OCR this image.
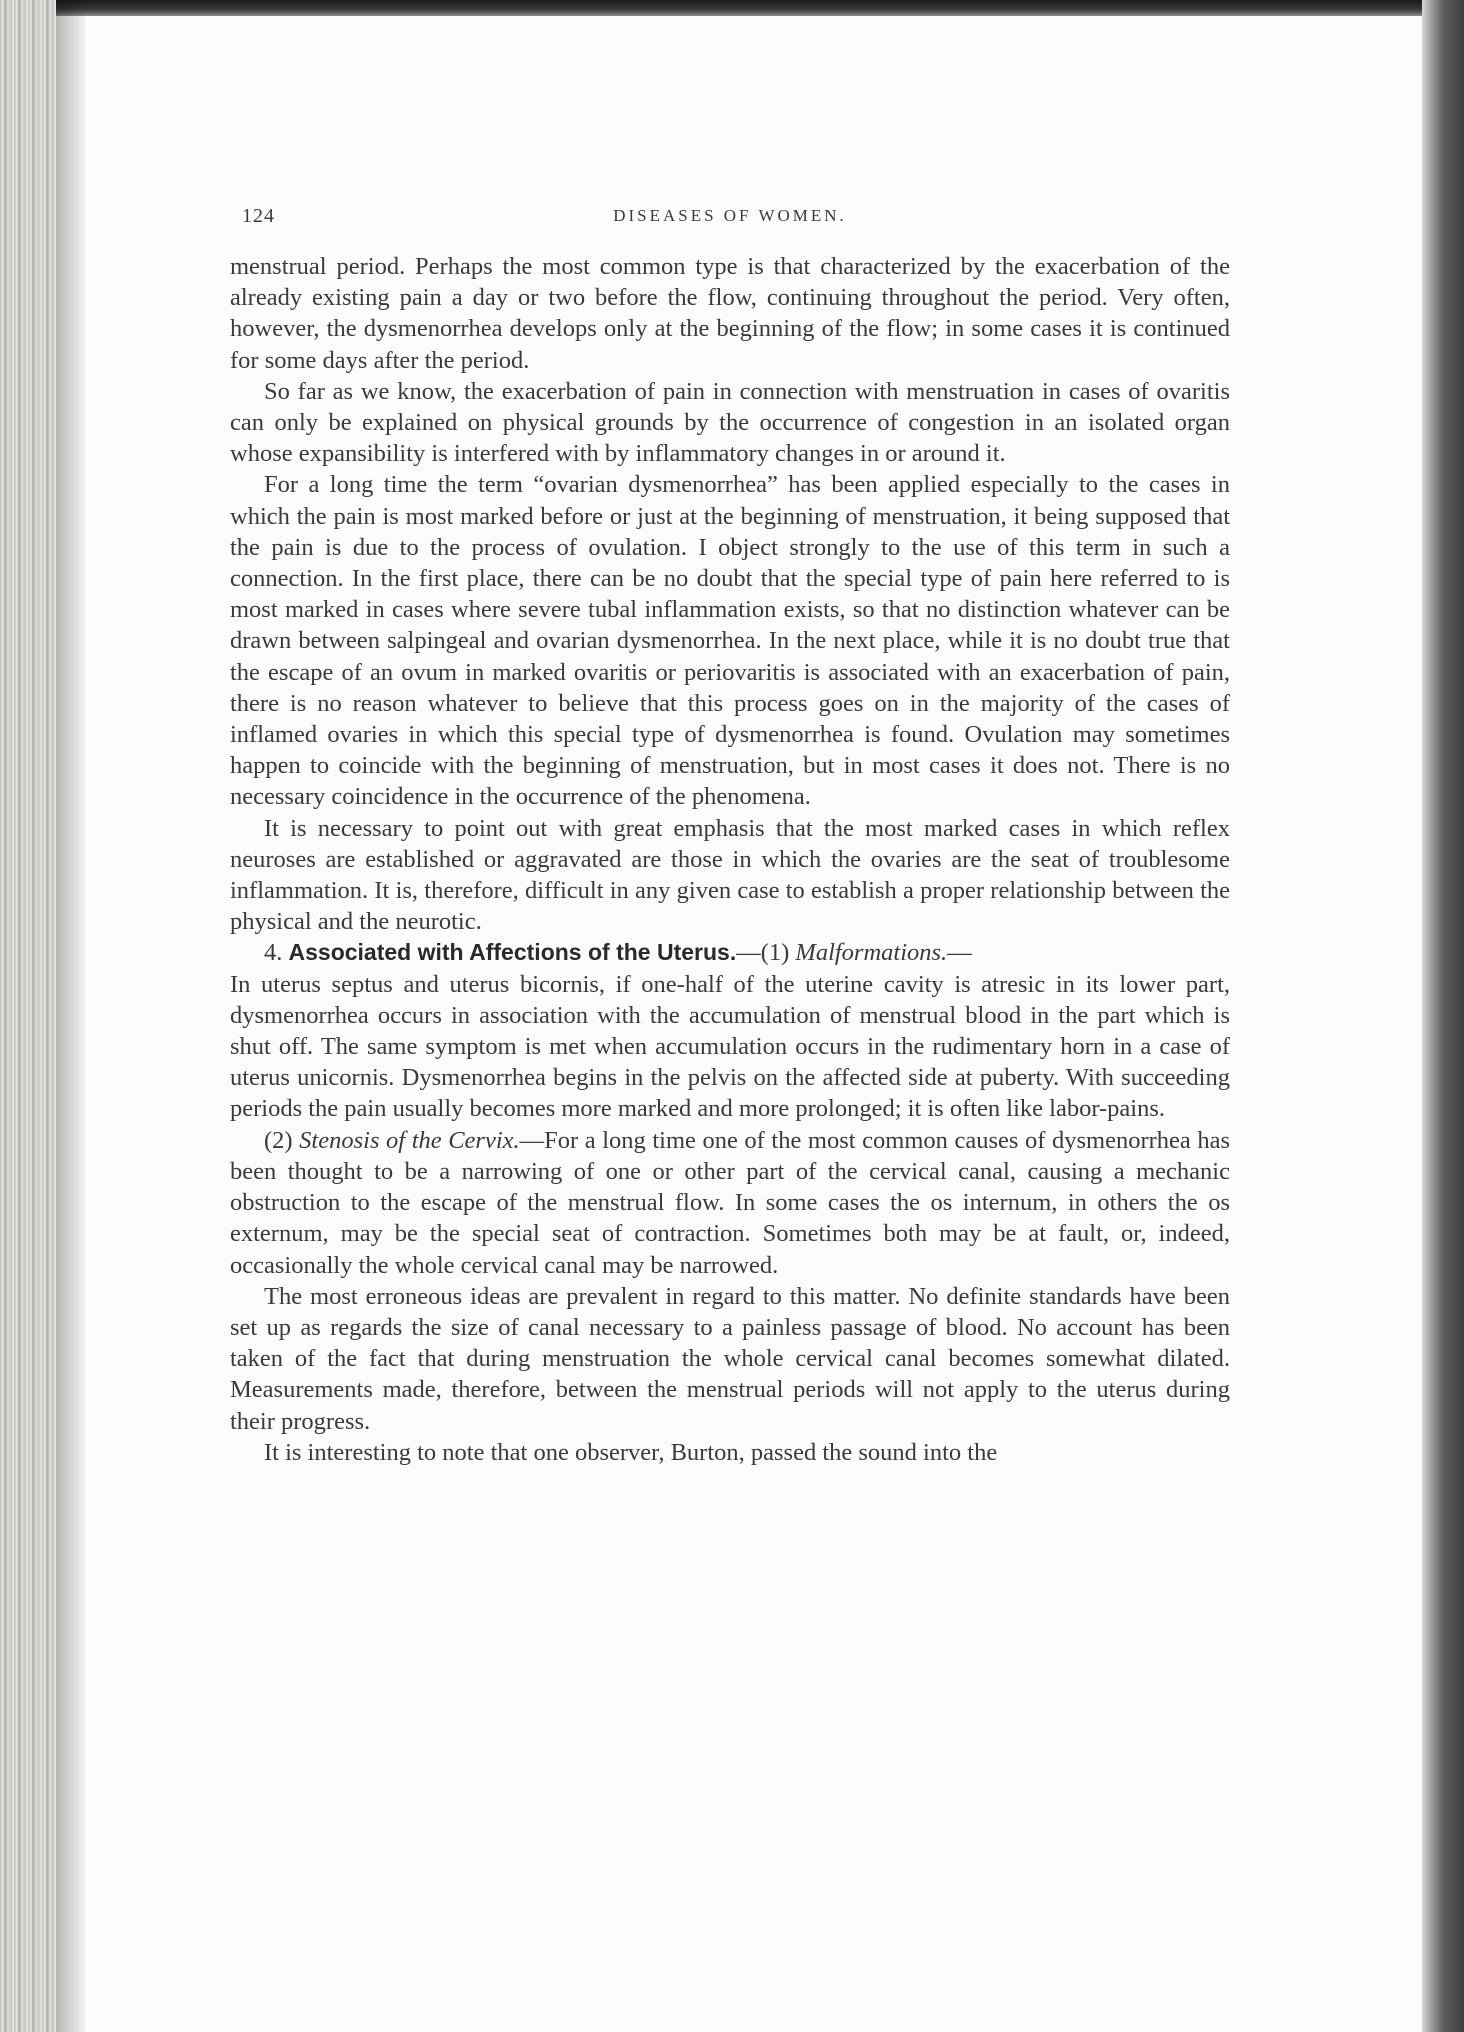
124	DISEASES OF WOMEN.

menstrual period. Perhaps the most common type is that characterized by the exacerbation of the already existing pain a day or two before the flow, continuing throughout the period. Very often, however, the dysmenorrhea develops only at the beginning of the flow; in some cases it is continued for some days after the period.

So far as we know, the exacerbation of pain in connection with menstruation in cases of ovaritis can only be explained on physical grounds by the occurrence of congestion in an isolated organ whose expansibility is interfered with by inflammatory changes in or around it.

For a long time the term “ovarian dysmenorrhea” has been applied especially to the cases in which the pain is most marked before or just at the beginning of menstruation, it being supposed that the pain is due to the process of ovulation. I object strongly to the use of this term in such a connection. In the first place, there can be no doubt that the special type of pain here referred to is most marked in cases where severe tubal inflammation exists, so that no distinction whatever can be drawn between salpingeal and ovarian dysmenorrhea. In the next place, while it is no doubt true that the escape of an ovum in marked ovaritis or periovaritis is associated with an exacerbation of pain, there is no reason whatever to believe that this process goes on in the majority of the cases of inflamed ovaries in which this special type of dysmenorrhea is found. Ovulation may sometimes happen to coincide with the beginning of menstruation, but in most cases it does not. There is no necessary coincidence in the occurrence of the phenomena.

It is necessary to point out with great emphasis that the most marked cases in which reflex neuroses are established or aggravated are those in which the ovaries are the seat of troublesome inflammation. It is, therefore, difficult in any given case to establish a proper relationship between the physical and the neurotic.

4. Associated with Affections of the Uterus.—(1) Malformations.—
In uterus septus and uterus bicornis, if one-half of the uterine cavity is atresic in its lower part, dysmenorrhea occurs in association with the accumulation of menstrual blood in the part which is shut off. The same symptom is met when accumulation occurs in the rudimentary horn in a case of uterus unicornis. Dysmenorrhea begins in the pelvis on the affected side at puberty. With succeeding periods the pain usually becomes more marked and more prolonged; it is often like labor-pains.

(2) Stenosis of the Cervix.—For a long time one of the most common causes of dysmenorrhea has been thought to be a narrowing of one or other part of the cervical canal, causing a mechanic obstruction to the escape of the menstrual flow. In some cases the os internum, in others the os externum, may be the special seat of contraction. Sometimes both may be at fault, or, indeed, occasionally the whole cervical canal may be narrowed.

The most erroneous ideas are prevalent in regard to this matter. No definite standards have been set up as regards the size of canal necessary to a painless passage of blood. No account has been taken of the fact that during menstruation the whole cervical canal becomes somewhat dilated. Measurements made, therefore, between the menstrual periods will not apply to the uterus during their progress.

It is interesting to note that one observer, Burton, passed the sound into the
